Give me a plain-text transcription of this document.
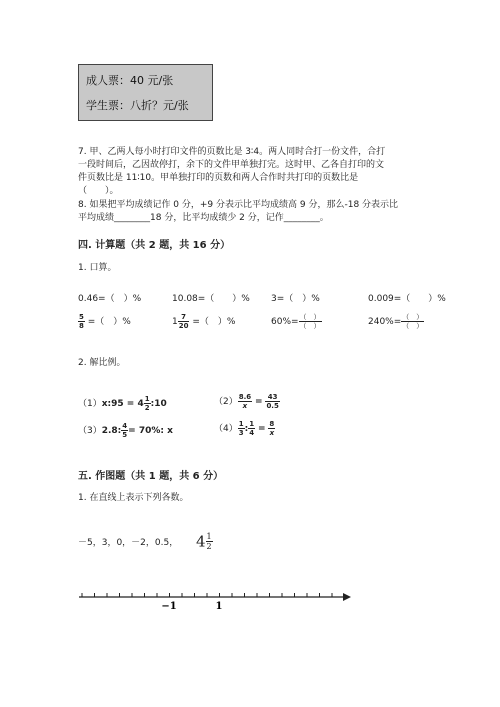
成人票：40 元/张
学生票：八折？元/张
7. 甲、乙两人每小时打印文件的页数比是 3∶4。两人同时合打一份文件，合打
一段时间后，乙因故停打，余下的文件甲单独打完。这时甲、乙各自打印的文
件页数比是 11∶10。甲单独打印的页数和两人合作时共打印的页数比是
（　　）。
8. 如果把平均成绩记作 0 分，+9 分表示比平均成绩高 9 分，那么-18 分表示比
平均成绩________18 分，比平均成绩少 2 分，记作________。
四. 计算题（共 2 题，共 16 分）
1. 口算。
0.46=（　）%	10.08=（　　）% 3=（　）%	0.009=（　　）%
$\frac{5}{8}$ =（　）%	$1 \frac{7}{20}$ =（　）%	$60\%= \frac{( )}{( )}$	$240\%= \frac{( )}{( )}$
2. 解比例。
（1）x:95 = $4 \frac{1}{2}$ :10	$(2) \frac{8.6}{x} = \frac{43}{0.5}$
（3）2.8: $\frac{4}{5} = 70\%$: x	$(4) \frac{1}{3}$ : $\frac{1}{4} = \frac{8}{x}$
五. 作图题（共 1 题，共 6 分）
1. 在直线上表示下列各数。
－5，3，0，－2，0.5， $4 \frac{1}{2}$
−1	1
